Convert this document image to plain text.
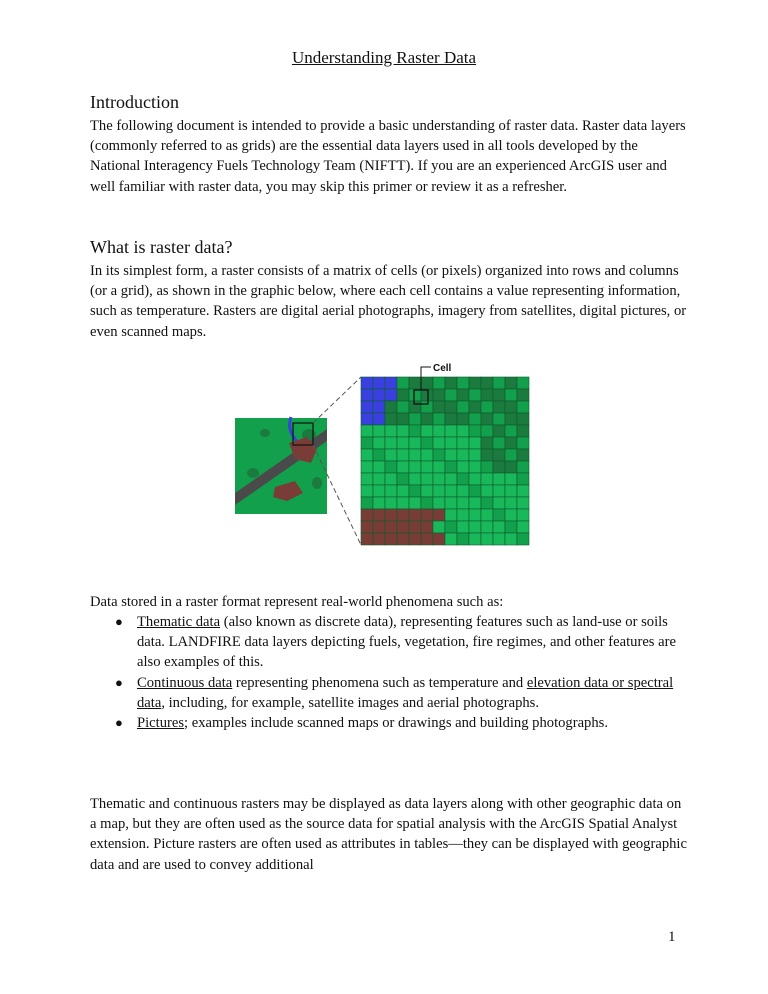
Understanding Raster Data
Introduction

The following document is intended to provide a basic understanding of raster data. Raster data layers (commonly referred to as grids) are the essential data layers used in all tools developed by the National Interagency Fuels Technology Team (NIFTT). If you are an experienced ArcGIS user and well familiar with raster data, you may skip this primer or review it as a refresher.

What is raster data?

In its simplest form, a raster consists of a matrix of cells (or pixels) organized into rows and columns (or a grid), as shown in the graphic below, where each cell contains a value representing information, such as temperature. Rasters are digital aerial photographs, imagery from satellites, digital pictures, or even scanned maps.

Cell

Data stored in a raster format represent real-world phenomena such as:

● Thematic data (also known as discrete data), representing features such as land-use or soils data. LANDFIRE data layers depicting fuels, vegetation, fire regimes, and other features are also examples of this.
● Continuous data representing phenomena such as temperature and elevation data or spectral data, including, for example, satellite images and aerial photographs.
● Pictures; examples include scanned maps or drawings and building photographs.

Thematic and continuous rasters may be displayed as data layers along with other geographic data on a map, but they are often used as the source data for spatial analysis with the ArcGIS Spatial Analyst extension. Picture rasters are often used as attributes in tables—they can be displayed with geographic data and are used to convey additional

1
